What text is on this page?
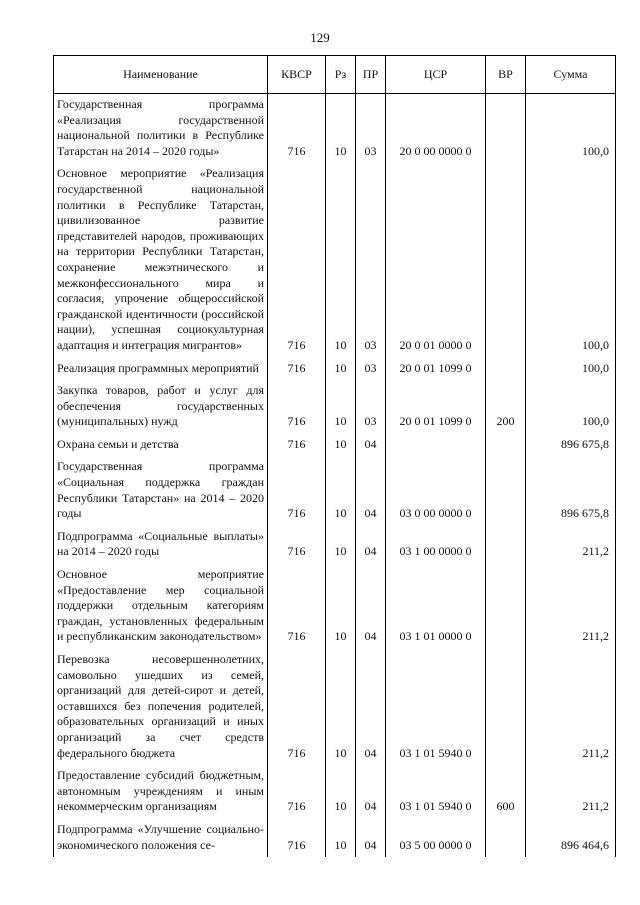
129
Наименование	КВСР	Рз	ПР	ЦСР	ВР	Сумма
Государственная программа «Реализация государственной национальной политики в Республике Татарстан на 2014 – 2020 годы»	716	10	03	20 0 00 0000 0		100,0
Основное мероприятие «Реализация государственной национальной политики в Республике Татарстан, цивилизованное развитие представителей народов, проживающих на территории Республики Татарстан, сохранение межэтнического и межконфессионального мира и согласия, упрочение общероссийской гражданской идентичности (российской нации), успешная социокультурная адаптация и интеграция мигрантов»	716	10	03	20 0 01 0000 0		100,0
Реализация программных мероприятий	716	10	03	20 0 01 1099 0		100,0
Закупка товаров, работ и услуг для обеспечения государственных (муниципальных) нужд	716	10	03	20 0 01 1099 0	200	100,0
Охрана семьи и детства	716	10	04			896 675,8
Государственная программа «Социальная поддержка граждан Республики Татарстан» на 2014 – 2020 годы	716	10	04	03 0 00 0000 0		896 675,8
Подпрограмма «Социальные выплаты» на 2014 – 2020 годы	716	10	04	03 1 00 0000 0		211,2
Основное мероприятие «Предоставление мер социальной поддержки отдельным категориям граждан, установленных федеральным и республиканским законодательством»	716	10	04	03 1 01 0000 0		211,2
Перевозка несовершеннолетних, самовольно ушедших из семей, организаций для детей-сирот и детей, оставшихся без попечения родителей, образовательных организаций и иных организаций за счет средств федерального бюджета	716	10	04	03 1 01 5940 0		211,2
Предоставление субсидий бюджетным, автономным учреждениям и иным некоммерческим организациям	716	10	04	03 1 01 5940 0	600	211,2
Подпрограмма «Улучшение социально-экономического положения се-	716	10	04	03 5 00 0000 0		896 464,6
